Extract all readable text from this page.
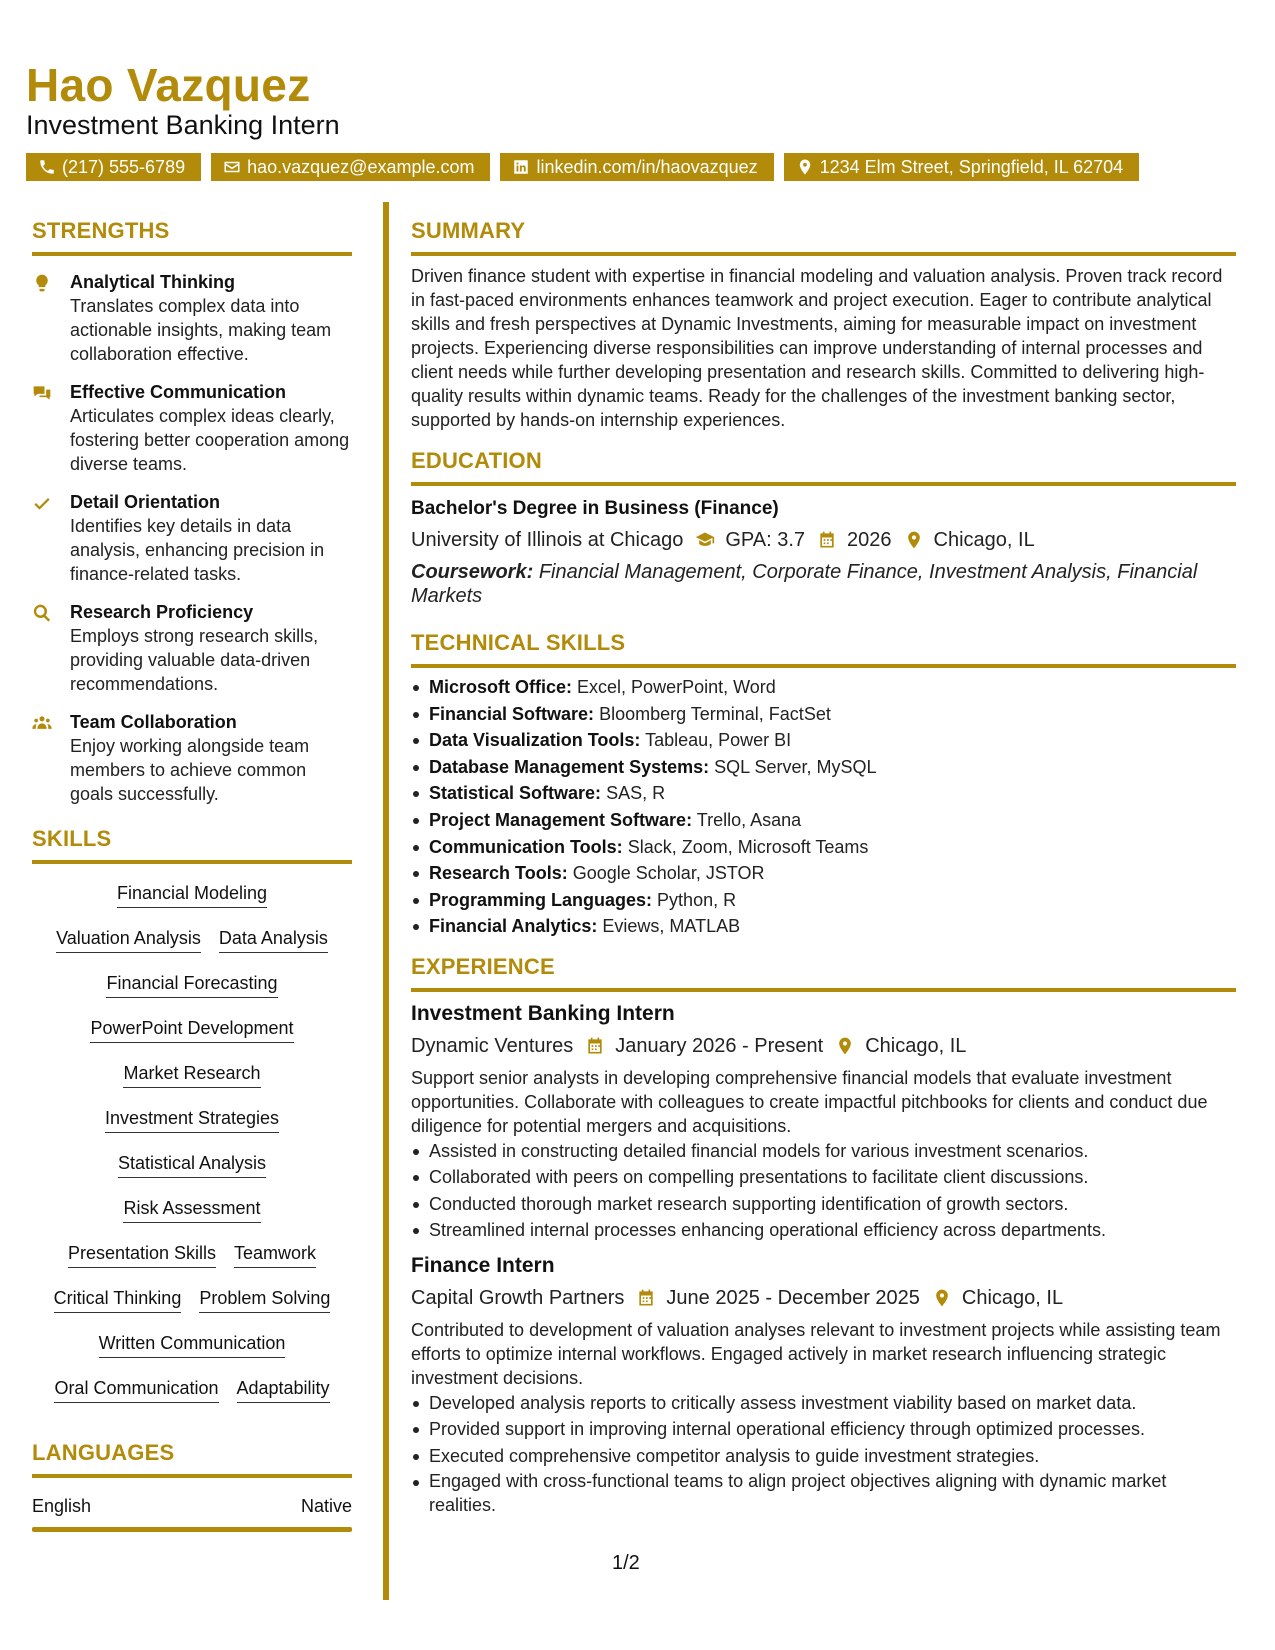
Hao Vazquez
Investment Banking Intern
(217) 555-6789	hao.vazquez@example.com	linkedin.com/in/haovazquez	1234 Elm Street, Springfield, IL 62704
STRENGTHS
Analytical Thinking
Translates complex data into actionable insights, making team collaboration effective.
Effective Communication
Articulates complex ideas clearly, fostering better cooperation among diverse teams.
Detail Orientation
Identifies key details in data analysis, enhancing precision in finance-related tasks.
Research Proficiency
Employs strong research skills, providing valuable data-driven recommendations.
Team Collaboration
Enjoy working alongside team members to achieve common goals successfully.
SKILLS
Financial Modeling
Valuation Analysis Data Analysis
Financial Forecasting
PowerPoint Development
Market Research
Investment Strategies
Statistical Analysis
Risk Assessment
Presentation Skills Teamwork
Critical Thinking Problem Solving
Written Communication
Oral Communication Adaptability
LANGUAGES
English	Native
SUMMARY
Driven finance student with expertise in financial modeling and valuation analysis. Proven track record in fast-paced environments enhances teamwork and project execution. Eager to contribute analytical skills and fresh perspectives at Dynamic Investments, aiming for measurable impact on investment projects. Experiencing diverse responsibilities can improve understanding of internal processes and client needs while further developing presentation and research skills. Committed to delivering high-quality results within dynamic teams. Ready for the challenges of the investment banking sector, supported by hands-on internship experiences.
EDUCATION
Bachelor's Degree in Business (Finance)
University of Illinois at Chicago GPA: 3.7 2026 Chicago, IL
Coursework: Financial Management, Corporate Finance, Investment Analysis, Financial Markets
TECHNICAL SKILLS
Microsoft Office: Excel, PowerPoint, Word
Financial Software: Bloomberg Terminal, FactSet
Data Visualization Tools: Tableau, Power BI
Database Management Systems: SQL Server, MySQL
Statistical Software: SAS, R
Project Management Software: Trello, Asana
Communication Tools: Slack, Zoom, Microsoft Teams
Research Tools: Google Scholar, JSTOR
Programming Languages: Python, R
Financial Analytics: Eviews, MATLAB
EXPERIENCE
Investment Banking Intern
Dynamic Ventures January 2026 - Present Chicago, IL
Support senior analysts in developing comprehensive financial models that evaluate investment opportunities. Collaborate with colleagues to create impactful pitchbooks for clients and conduct due diligence for potential mergers and acquisitions.
Assisted in constructing detailed financial models for various investment scenarios.
Collaborated with peers on compelling presentations to facilitate client discussions.
Conducted thorough market research supporting identification of growth sectors.
Streamlined internal processes enhancing operational efficiency across departments.
Finance Intern
Capital Growth Partners June 2025 - December 2025 Chicago, IL
Contributed to development of valuation analyses relevant to investment projects while assisting team efforts to optimize internal workflows. Engaged actively in market research influencing strategic investment decisions.
Developed analysis reports to critically assess investment viability based on market data.
Provided support in improving internal operational efficiency through optimized processes.
Executed comprehensive competitor analysis to guide investment strategies.
Engaged with cross-functional teams to align project objectives aligning with dynamic market realities.
1/2
